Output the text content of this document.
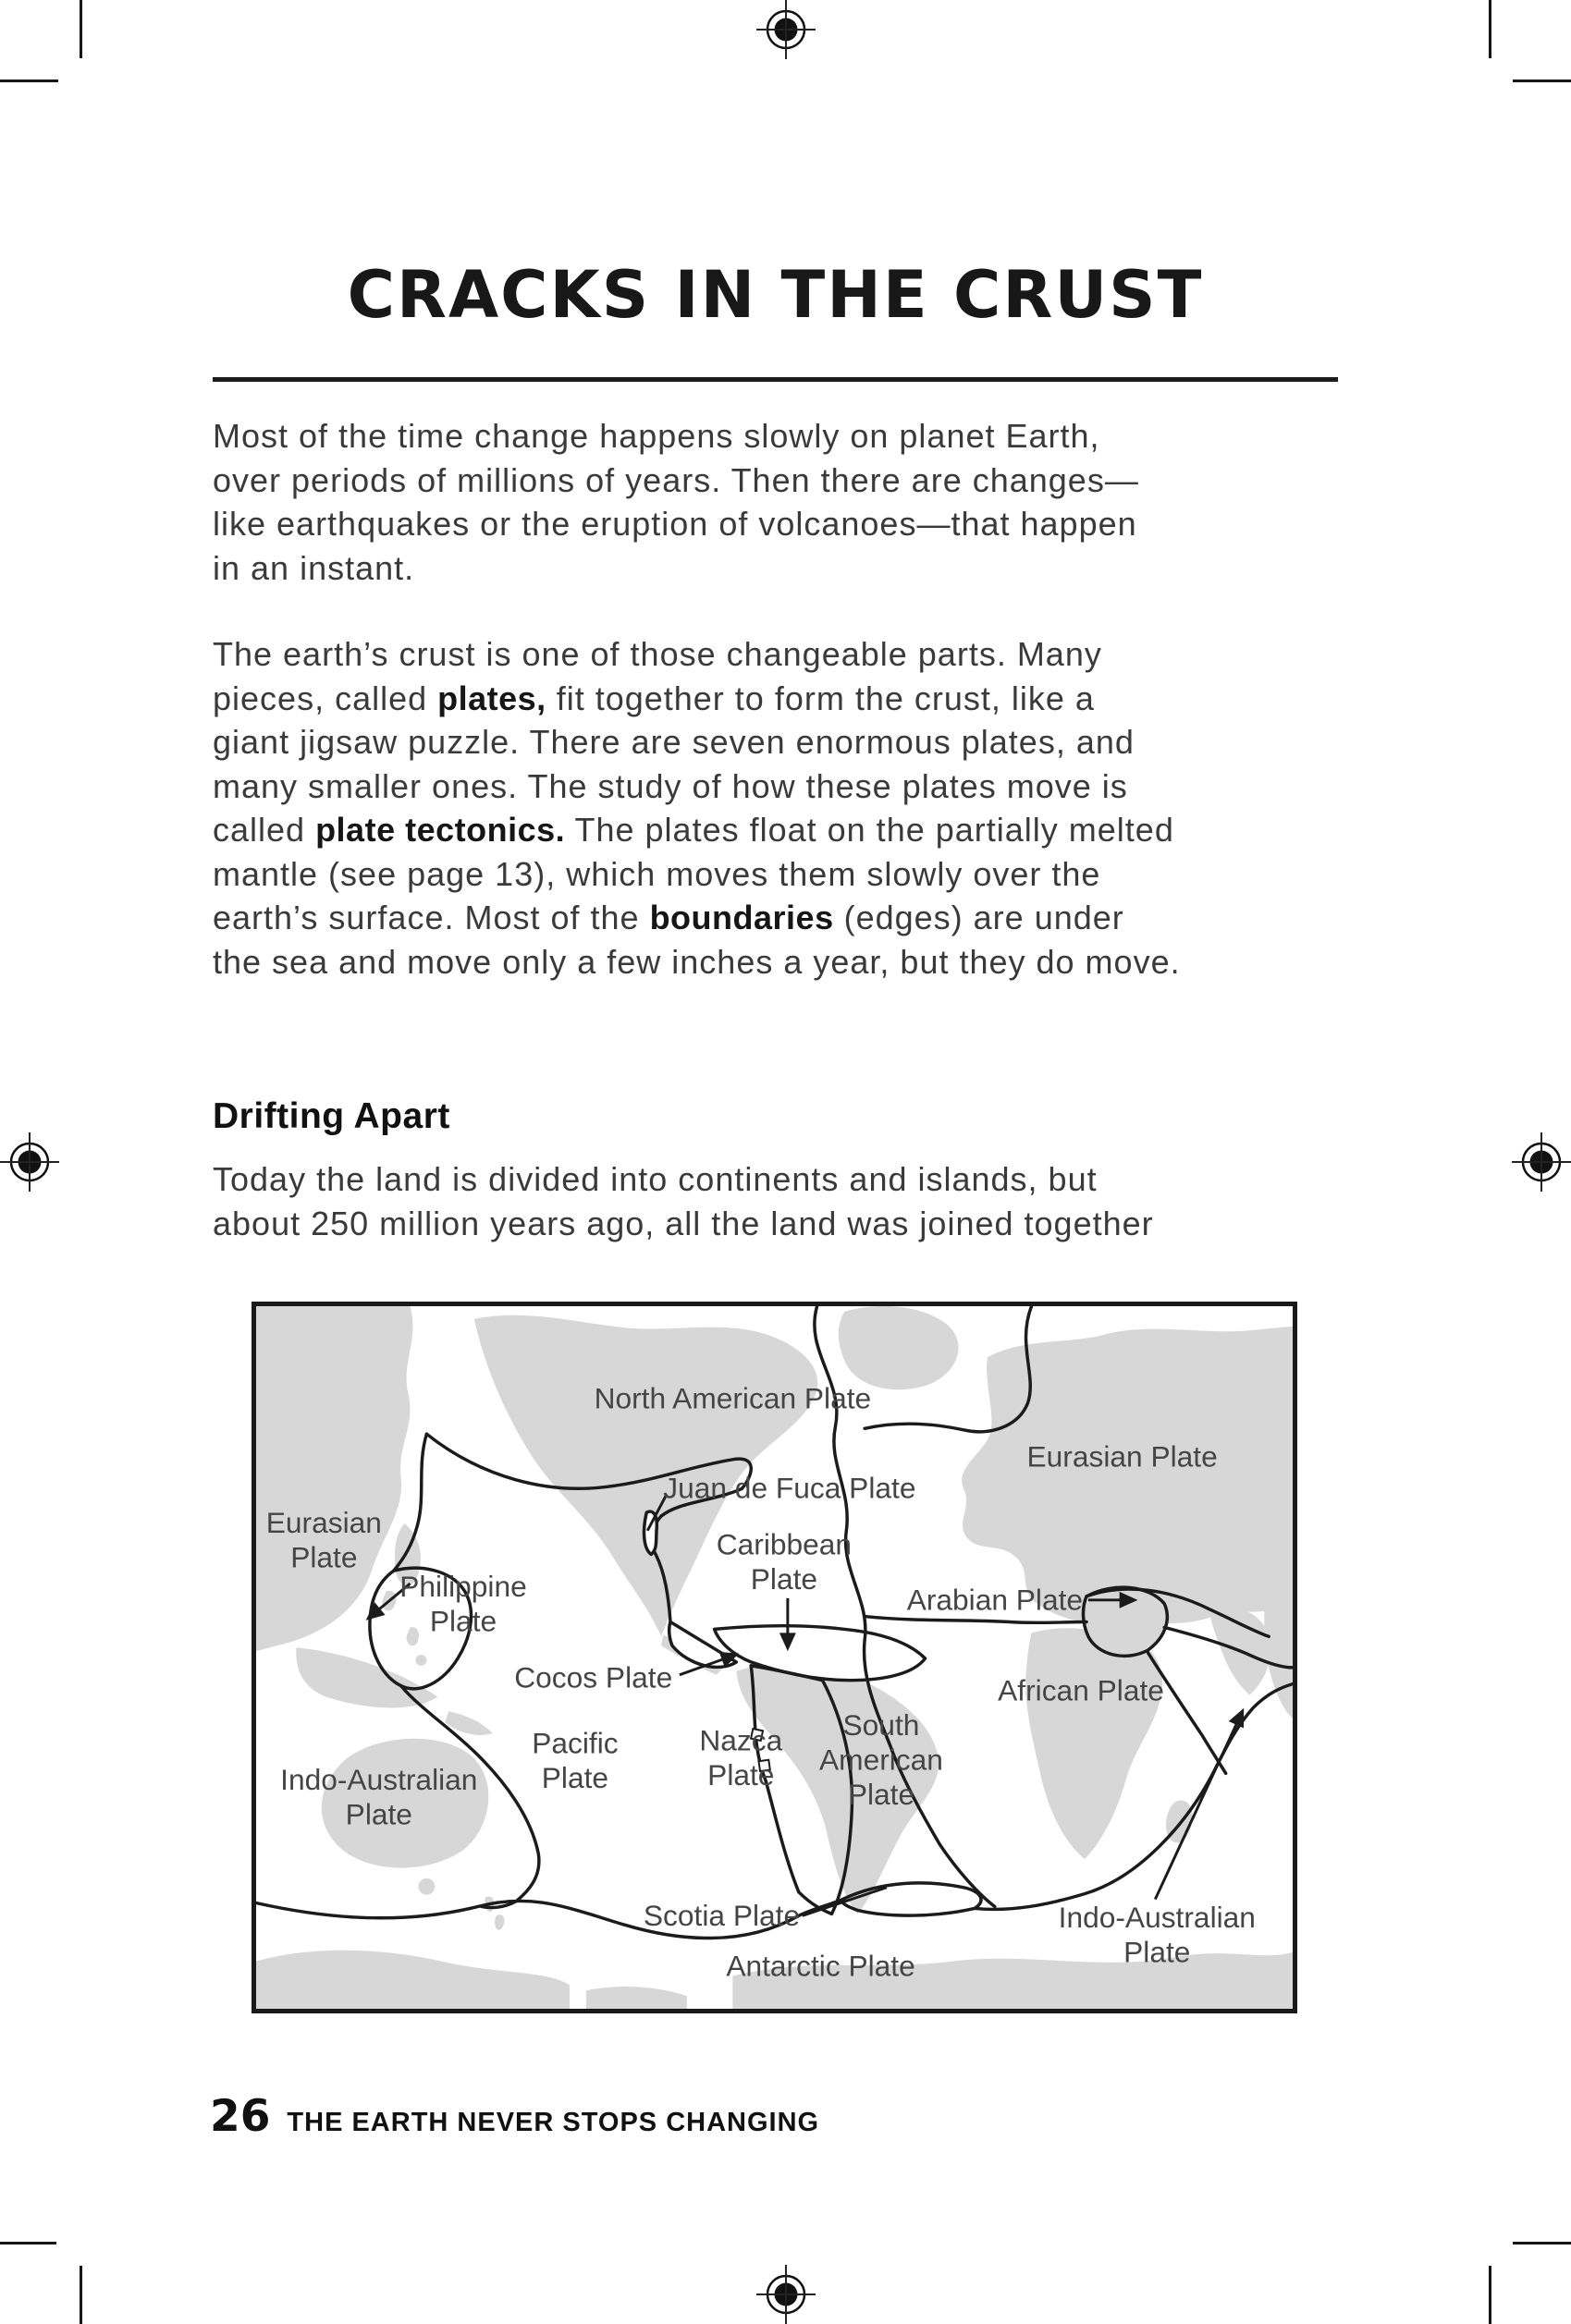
CRACKS IN THE CRUST
Most of the time change happens slowly on planet Earth,
over periods of millions of years. Then there are changes—
like earthquakes or the eruption of volcanoes—that happen
in an instant.
The earth’s crust is one of those changeable parts. Many
pieces, called plates, fit together to form the crust, like a
giant jigsaw puzzle. There are seven enormous plates, and
many smaller ones. The study of how these plates move is
called plate tectonics. The plates float on the partially melted
mantle (see page 13), which moves them slowly over the
earth’s surface. Most of the boundaries (edges) are under
the sea and move only a few inches a year, but they do move.
Drifting Apart
Today the land is divided into continents and islands, but
about 250 million years ago, all the land was joined together
North American Plate
Eurasian Plate
Eurasian
Plate
Juan de Fuca Plate
Caribbean
Plate
Philippine
Plate
Arabian Plate
Cocos Plate	African Plate
Pacific
Plate
Nazca
Plate
South
American
Plate
Indo-Australian
Plate
Scotia Plate	Indo-Australian
Plate
Antarctic Plate
26 THE EARTH NEVER STOPS CHANGING
